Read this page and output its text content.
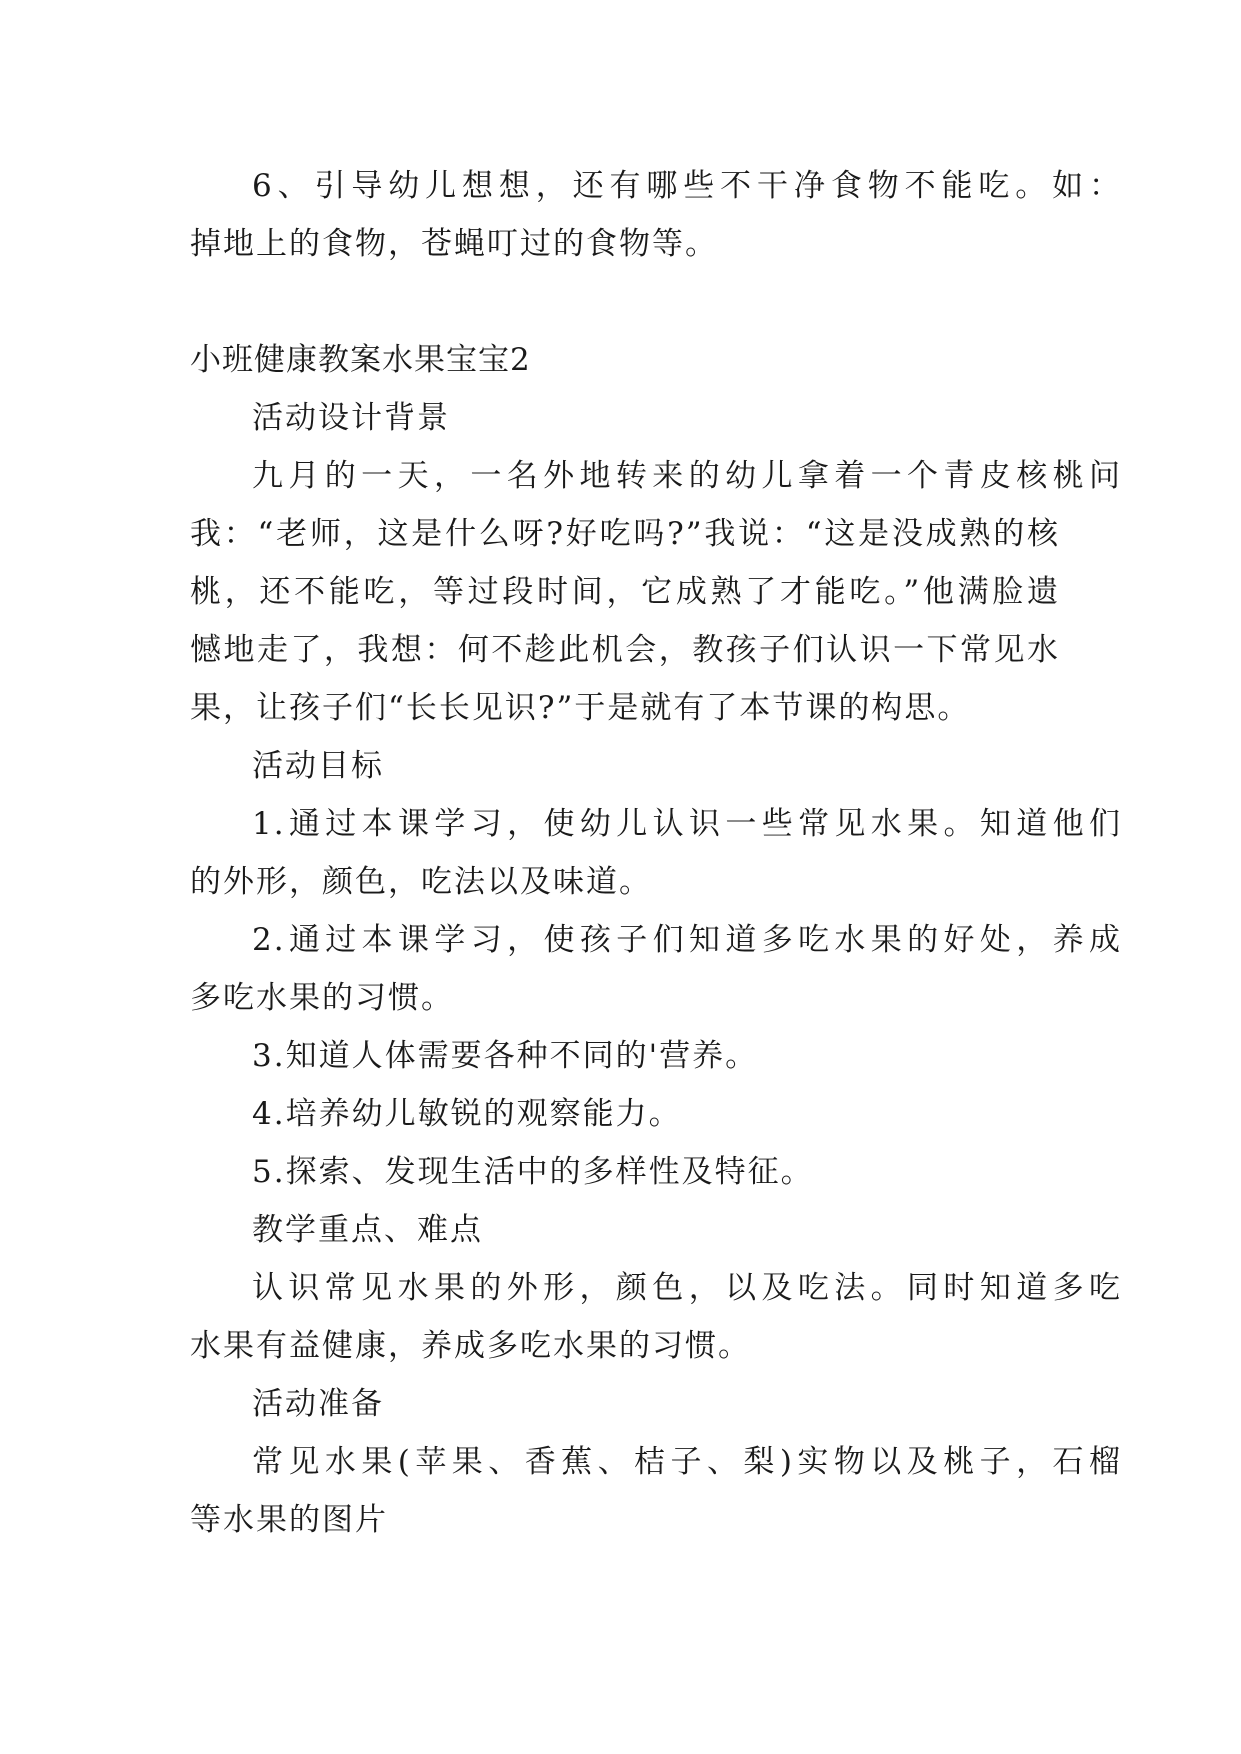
6、引导幼儿想想，还有哪些不干净食物不能吃。如：
掉地上的食物，苍蝇叮过的食物等。
小班健康教案水果宝宝2
活动设计背景
九月的一天，一名外地转来的幼儿拿着一个青皮核桃问
我：“老师，这是什么呀?好吃吗?”我说：“这是没成熟的核
桃，还不能吃，等过段时间，它成熟了才能吃。”他满脸遗
憾地走了，我想：何不趁此机会，教孩子们认识一下常见水
果，让孩子们“长长见识?”于是就有了本节课的构思。
活动目标
1.通过本课学习，使幼儿认识一些常见水果。知道他们
的外形，颜色，吃法以及味道。
2.通过本课学习，使孩子们知道多吃水果的好处，养成
多吃水果的习惯。
3.知道人体需要各种不同的'营养。
4.培养幼儿敏锐的观察能力。
5.探索、发现生活中的多样性及特征。
教学重点、难点
认识常见水果的外形，颜色，以及吃法。同时知道多吃
水果有益健康，养成多吃水果的习惯。
活动准备
常见水果(苹果、香蕉、桔子、梨)实物以及桃子，石榴
等水果的图片
